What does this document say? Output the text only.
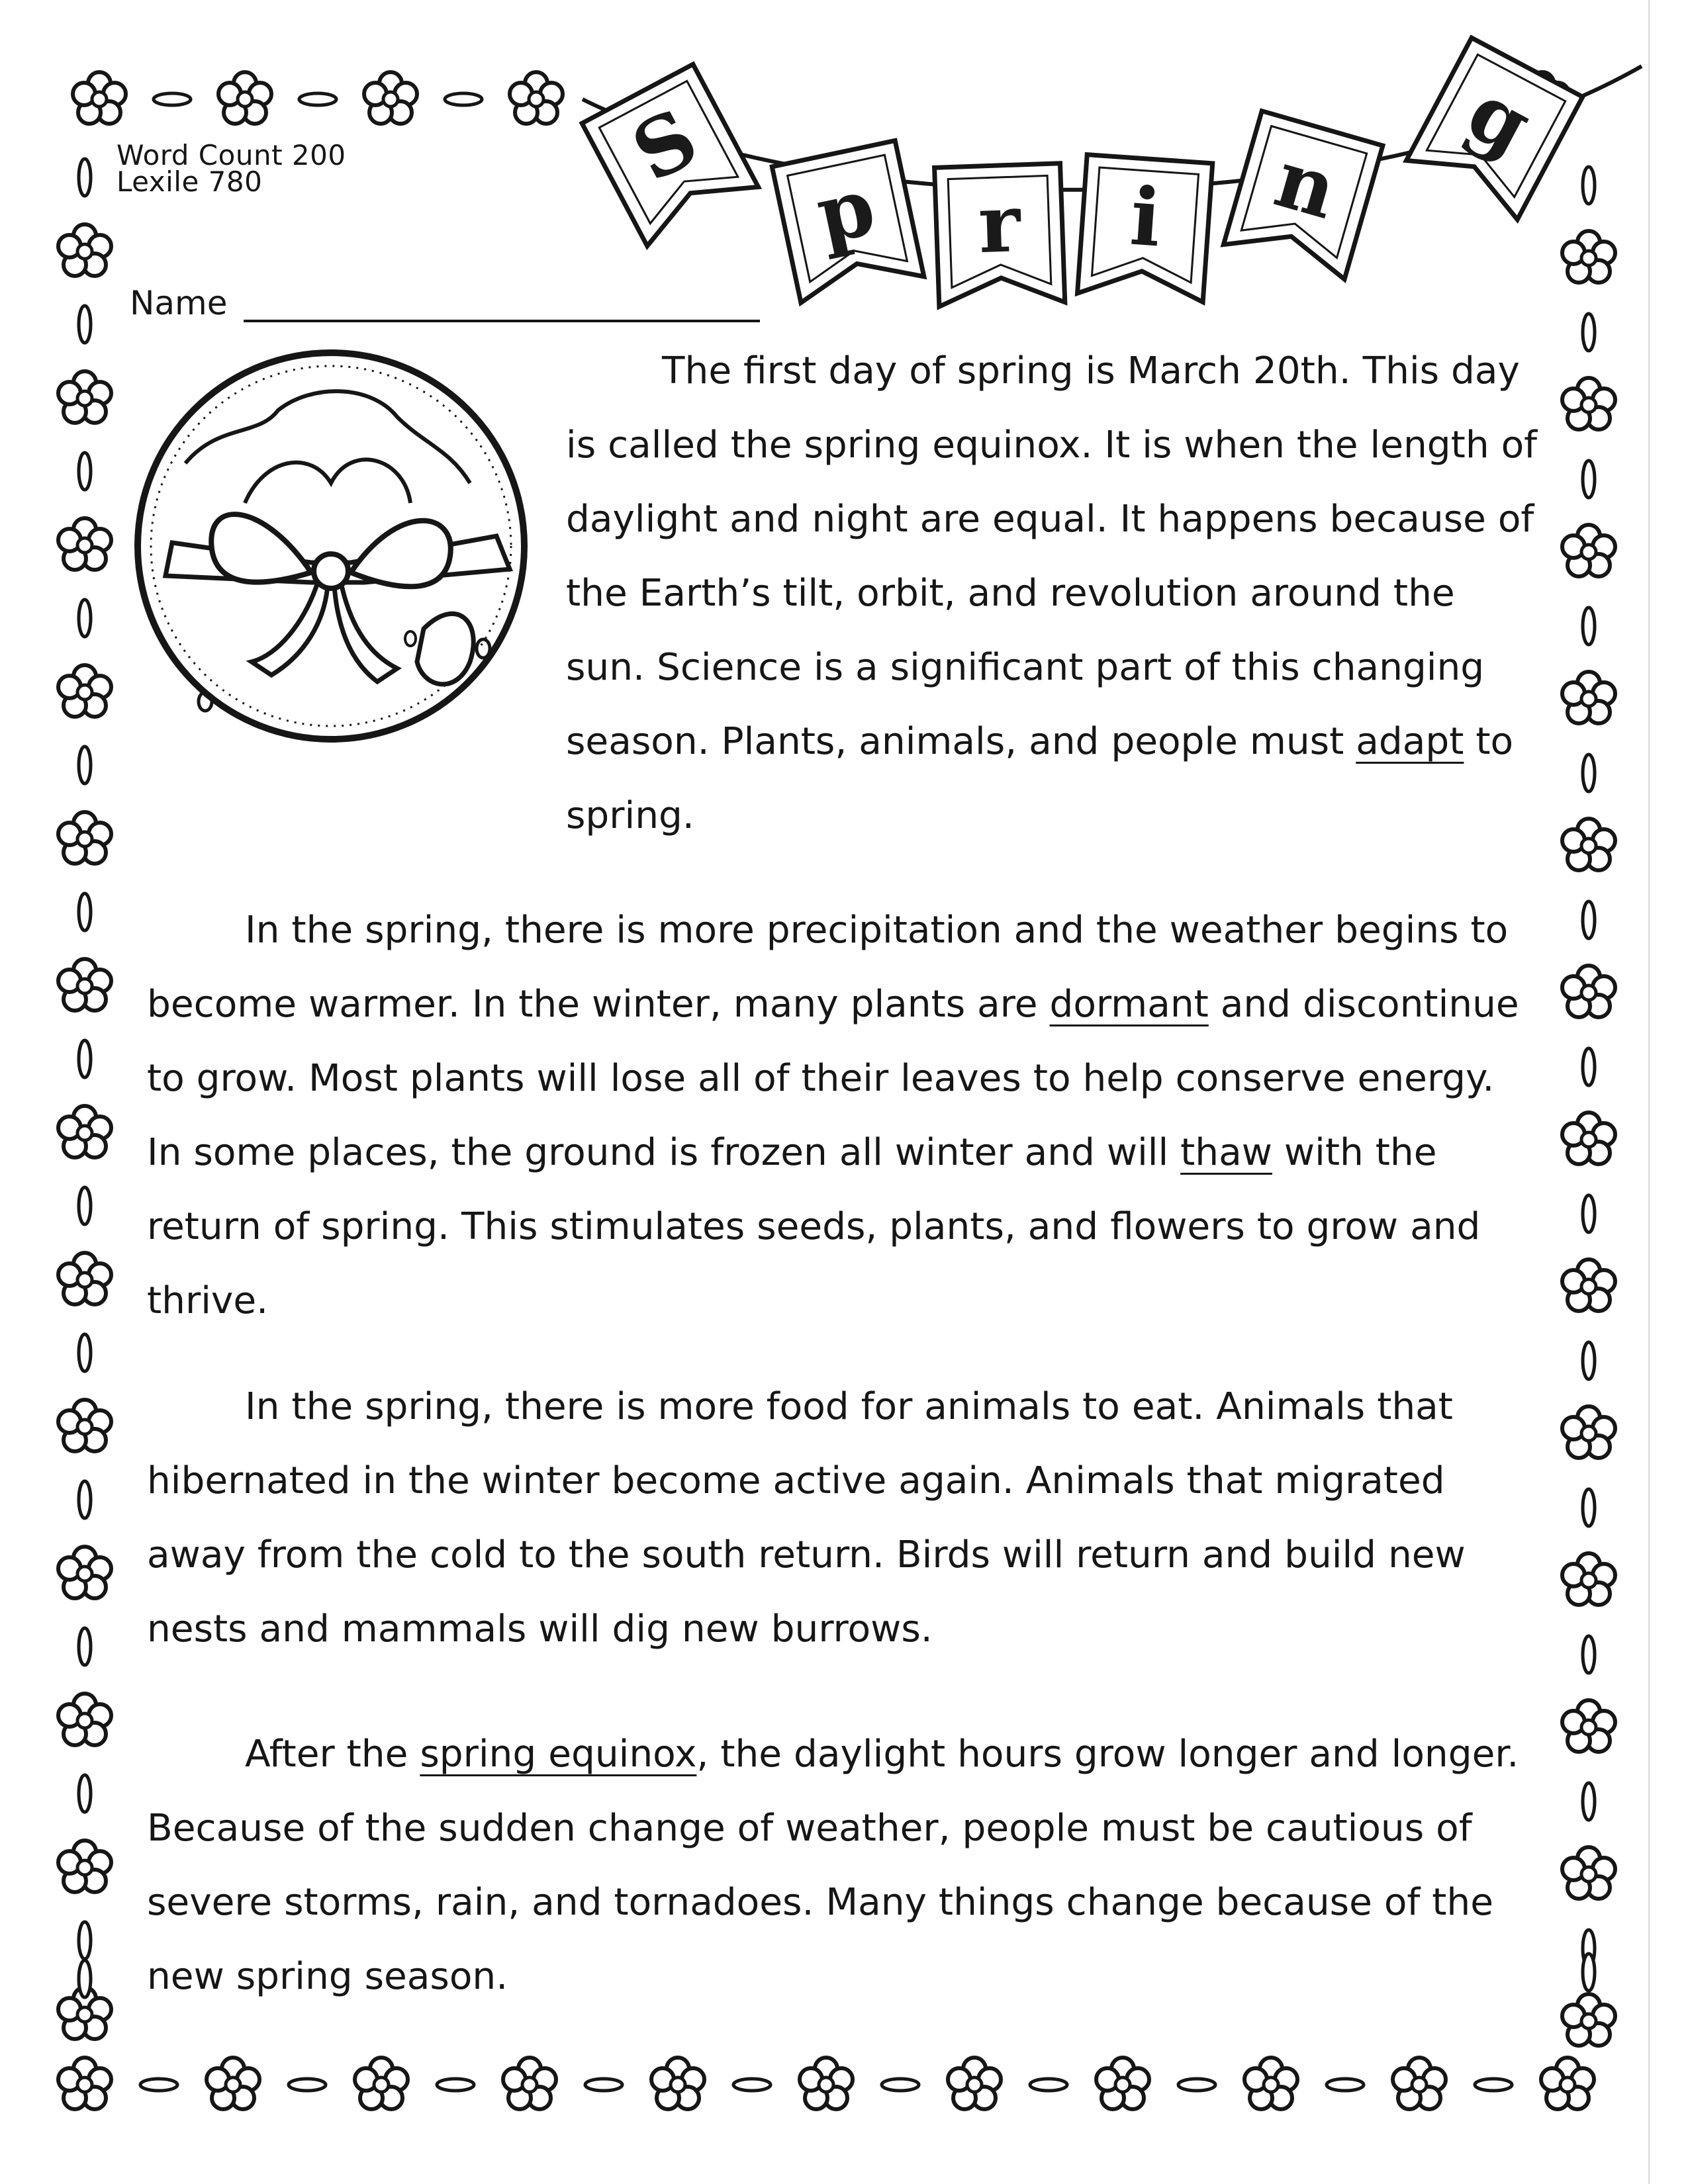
S
p r i n
g
Word Count 200
Lexile 780
Name

The first day of spring is March 20th. This day is called the spring equinox. It is when the length of daylight and night are equal. It happens because of the Earth’s tilt, orbit, and revolution around the sun. Science is a significant part of this changing season. Plants, animals, and people must adapt to spring.

In the spring, there is more precipitation and the weather begins to become warmer. In the winter, many plants are dormant and discontinue to grow. Most plants will lose all of their leaves to help conserve energy. In some places, the ground is frozen all winter and will thaw with the return of spring. This stimulates seeds, plants, and flowers to grow and thrive.

In the spring, there is more food for animals to eat. Animals that hibernated in the winter become active again. Animals that migrated away from the cold to the south return. Birds will return and build new nests and mammals will dig new burrows.

After the spring equinox, the daylight hours grow longer and longer. Because of the sudden change of weather, people must be cautious of severe storms, rain, and tornadoes. Many things change because of the new spring season.
